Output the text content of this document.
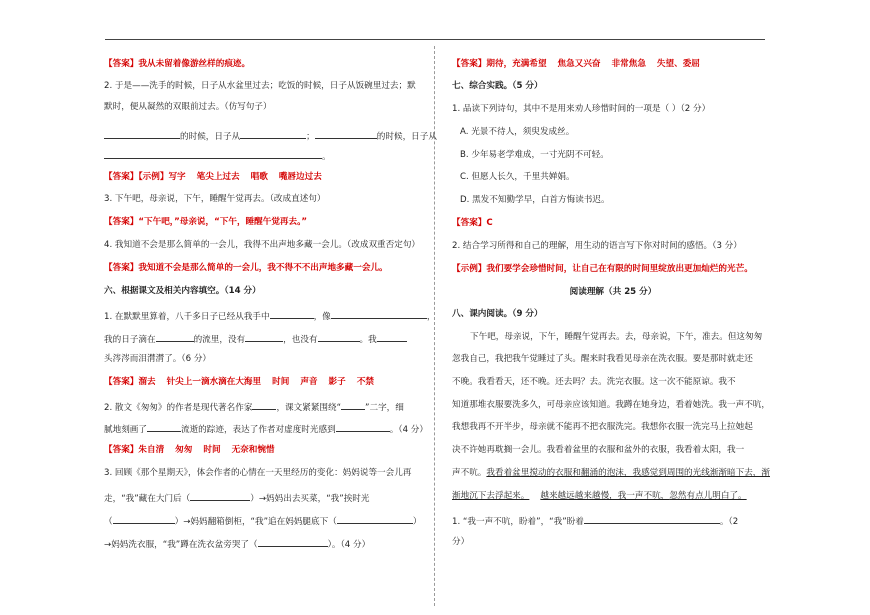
【答案】我从未留着像游丝样的痕迹。
2. 于是——洗手的时候，日子从水盆里过去；吃饭的时候，日子从饭碗里过去；默
默时，便从凝然的双眼前过去。（仿写句子）
的时候，日子从	；	的时候，日子从
。
【答案】【示例】写字 笔尖上过去 唱歌 嘴唇边过去
3. 下午吧，母亲说，下午，睡醒午觉再去。（改成直述句）
【答案】“下午吧，”母亲说，“下午，睡醒午觉再去。”
4. 我知道不会是那么简单的一会儿，我得不出声地多藏一会儿。（改成双重否定句）
【答案】我知道不会是那么简单的一会儿，我不得不不出声地多藏一会儿。
六、根据课文及相关内容填空。（14 分）
1. 在默默里算着，八千多日子已经从我手中	，像	，
我的日子滴在	的流里，没有	，也没有	。我
头涔涔而泪潸潸了。（6 分）
【答案】溜去 针尖上一滴水滴在大海里 时间 声音 影子 不禁
2. 散文《匆匆》的作者是现代著名作家	，课文紧紧围绕“	”二字，细
腻地刻画了	流逝的踪迹，表达了作者对虚度时光感到	。（4 分）
【答案】朱自清 匆匆 时间 无奈和惋惜
3. 回顾《那个星期天》，体会作者的心情在一天里经历的变化：妈妈说等一会儿再
走，“我”藏在大门后（	）→妈妈出去买菜，“我”挨时光
（	）→妈妈翻箱倒柜，“我”追在妈妈腿底下（	）
→妈妈洗衣服，“我”蹲在洗衣盆旁哭了（	）。（4 分）
【答案】期待，充满希望 焦急又兴奋 非常焦急 失望、委屈
七、综合实践。（5 分）
1. 品读下列诗句，其中不是用来劝人珍惜时间的一项是（ ）（2 分）
A. 光景不待人，须臾发成丝。
B. 少年易老学难成，一寸光阴不可轻。
C. 但愿人长久，千里共婵娟。
D. 黑发不知勤学早，白首方悔读书迟。
【答案】C
2. 结合学习所得和自己的理解，用生动的语言写下你对时间的感悟。（3 分）
【示例】我们要学会珍惜时间，让自己在有限的时间里绽放出更加灿烂的光芒。
阅读理解（共 25 分）
八、课内阅读。（9 分）
下午吧，母亲说，下午，睡醒午觉再去。去，母亲说，下午，准去。但这匆匆
忽我自己，我把我午觉睡过了头。醒来时我看见母亲在洗衣服。要是那时就走还
不晚。我看看天，还不晚。还去吗？去。洗完衣服。这一次不能原谅。我不
知道那堆衣服要洗多久，可母亲应该知道。我蹲在她身边，看着她洗。我一声不吭，
我想我再不开半步，母亲就不能再不把衣服洗完。我想你衣服一洗完马上拉她起
决不许她再耽搁一会儿。我看着盆里的衣服和盆外的衣服，我看着太阳，我一
声不吭。我看着盆里搅动的衣服和翻涌的泡沫，我感觉到周围的光线渐渐暗下去，渐
渐地沉下去浮起来。 越来越远越来越慢，我一声不吭，忽然有点儿明白了。
1. “我一声不吭，盼着”，“我”盼着	。（2
分）
